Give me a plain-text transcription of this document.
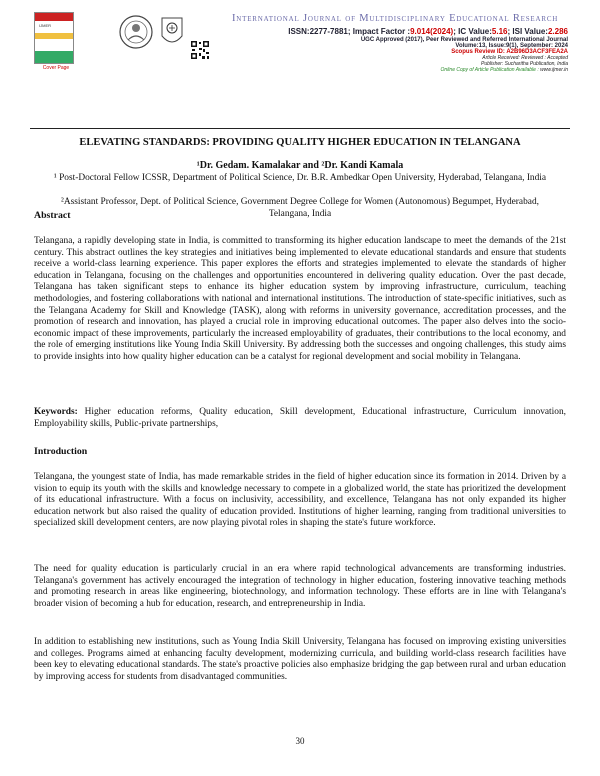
IJMER
Cover Page
International Journal of Multidisciplinary Educational Research
ISSN:2277-7881; Impact Factor :9.014(2024); IC Value:5.16; ISI Value:2.286
UGC Approved (2017), Peer Reviewed and Referred International Journal
Volume:13, Issue:9(1), September: 2024
Scopus Review ID: A2B96D3ACF3FEA2A
Article Received: Reviewed : Accepted
Publisher: Sucharitha Publication, India
Online Copy of Article Publication Available : www.ijmer.in
ELEVATING STANDARDS: PROVIDING QUALITY HIGHER EDUCATION IN TELANGANA
¹Dr. Gedam. Kamalakar and ²Dr. Kandi Kamala
¹ Post-Doctoral Fellow ICSSR, Department of Political Science, Dr. B.R. Ambedkar Open University, Hyderabad, Telangana, India
²Assistant Professor, Dept. of Political Science, Government Degree College for Women (Autonomous) Begumpet, Hyderabad, Telangana, India
Abstract
Telangana, a rapidly developing state in India, is committed to transforming its higher education landscape to meet the demands of the 21st century. This abstract outlines the key strategies and initiatives being implemented to elevate educational standards and ensure that students receive a world-class learning experience. This paper explores the efforts and strategies implemented to elevate the standards of higher education in Telangana, focusing on the challenges and opportunities encountered in delivering quality education. Over the past decade, Telangana has taken significant steps to enhance its higher education system by improving infrastructure, curriculum, teaching methodologies, and fostering collaborations with national and international institutions. The introduction of state-specific initiatives, such as the Telangana Academy for Skill and Knowledge (TASK), along with reforms in university governance, accreditation processes, and the promotion of research and innovation, has played a crucial role in improving educational outcomes. The paper also delves into the socio-economic impact of these improvements, particularly the increased employability of graduates, their contributions to the local economy, and the role of emerging institutions like Young India Skill University. By addressing both the successes and ongoing challenges, this study aims to provide insights into how quality higher education can be a catalyst for regional development and social mobility in Telangana.
Keywords: Higher education reforms, Quality education, Skill development, Educational infrastructure, Curriculum innovation, Employability skills, Public-private partnerships,
Introduction
Telangana, the youngest state of India, has made remarkable strides in the field of higher education since its formation in 2014. Driven by a vision to equip its youth with the skills and knowledge necessary to compete in a globalized world, the state has prioritized the development of its educational infrastructure. With a focus on inclusivity, accessibility, and excellence, Telangana has not only expanded its higher education network but also raised the quality of education provided. Institutions of higher learning, ranging from traditional universities to specialized skill development centers, are now playing pivotal roles in shaping the state's future workforce.
The need for quality education is particularly crucial in an era where rapid technological advancements are transforming industries. Telangana's government has actively encouraged the integration of technology in higher education, fostering innovative teaching methods and promoting research in areas like engineering, biotechnology, and information technology. These efforts are in line with Telangana's broader vision of becoming a hub for education, research, and entrepreneurship in India.
In addition to establishing new institutions, such as Young India Skill University, Telangana has focused on improving existing universities and colleges. Programs aimed at enhancing faculty development, modernizing curricula, and building world-class research facilities have been key to elevating educational standards. The state's proactive policies also emphasize bridging the gap between rural and urban education by improving access for students from disadvantaged communities.
30
